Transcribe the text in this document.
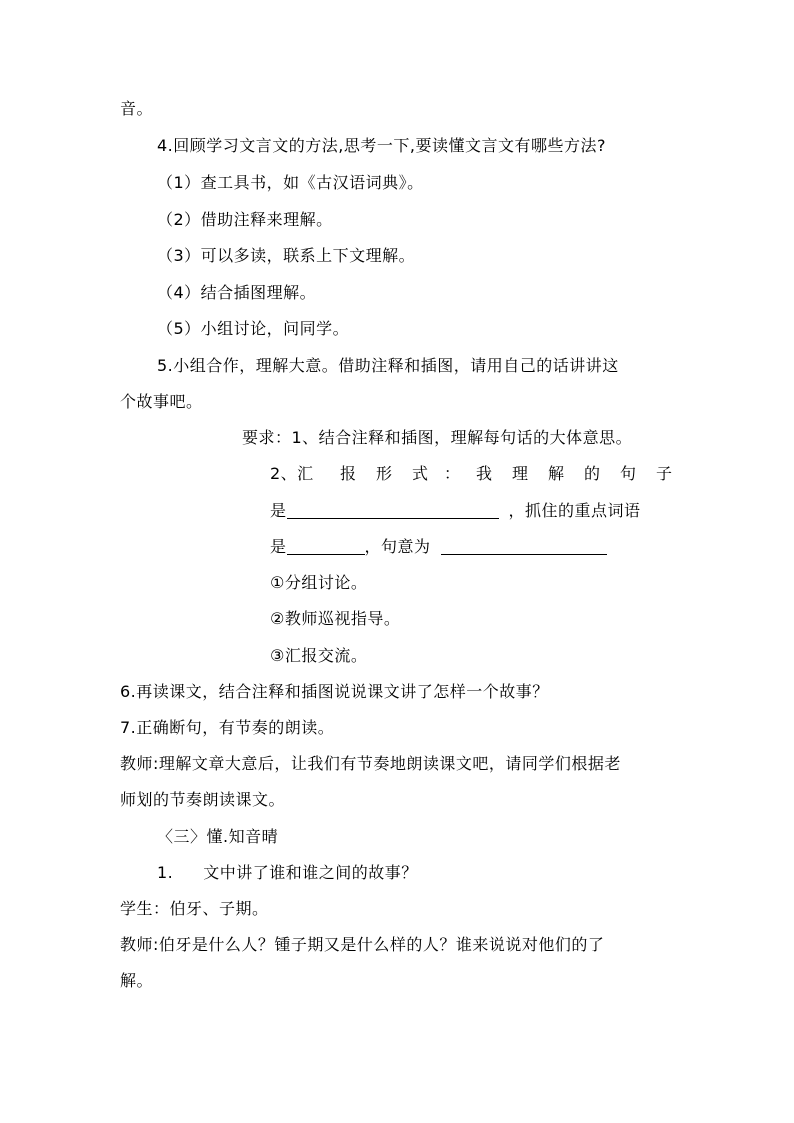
音。

4.回顾学习文言文的方法,思考一下,要读懂文言文有哪些方法?

（1）查工具书，如《古汉语词典》。

（2）借助注释来理解。

（3）可以多读，联系上下文理解。

（4）结合插图理解。

（5）小组讨论，问同学。

5.小组合作，理解大意。借助注释和插图，请用自己的话讲讲这

个故事吧。

要求：1、结合注释和插图，理解每句话的大体意思。

2、汇 报 形 式 ： 我 理 解 的 句 子
是	，抓住的重点词语
是	，句意为

①分组讨论。

②教师巡视指导。

③汇报交流。

6.再读课文，结合注释和插图说说课文讲了怎样一个故事？

7.正确断句，有节奏的朗读。

教师:理解文章大意后，让我们有节奏地朗读课文吧，请同学们根据老

师划的节奏朗读课文。

〈三〉懂.知音晴

1. 文中讲了谁和谁之间的故事？

学生：伯牙、子期。

教师:伯牙是什么人？锺子期又是什么样的人？谁来说说对他们的了

解。
